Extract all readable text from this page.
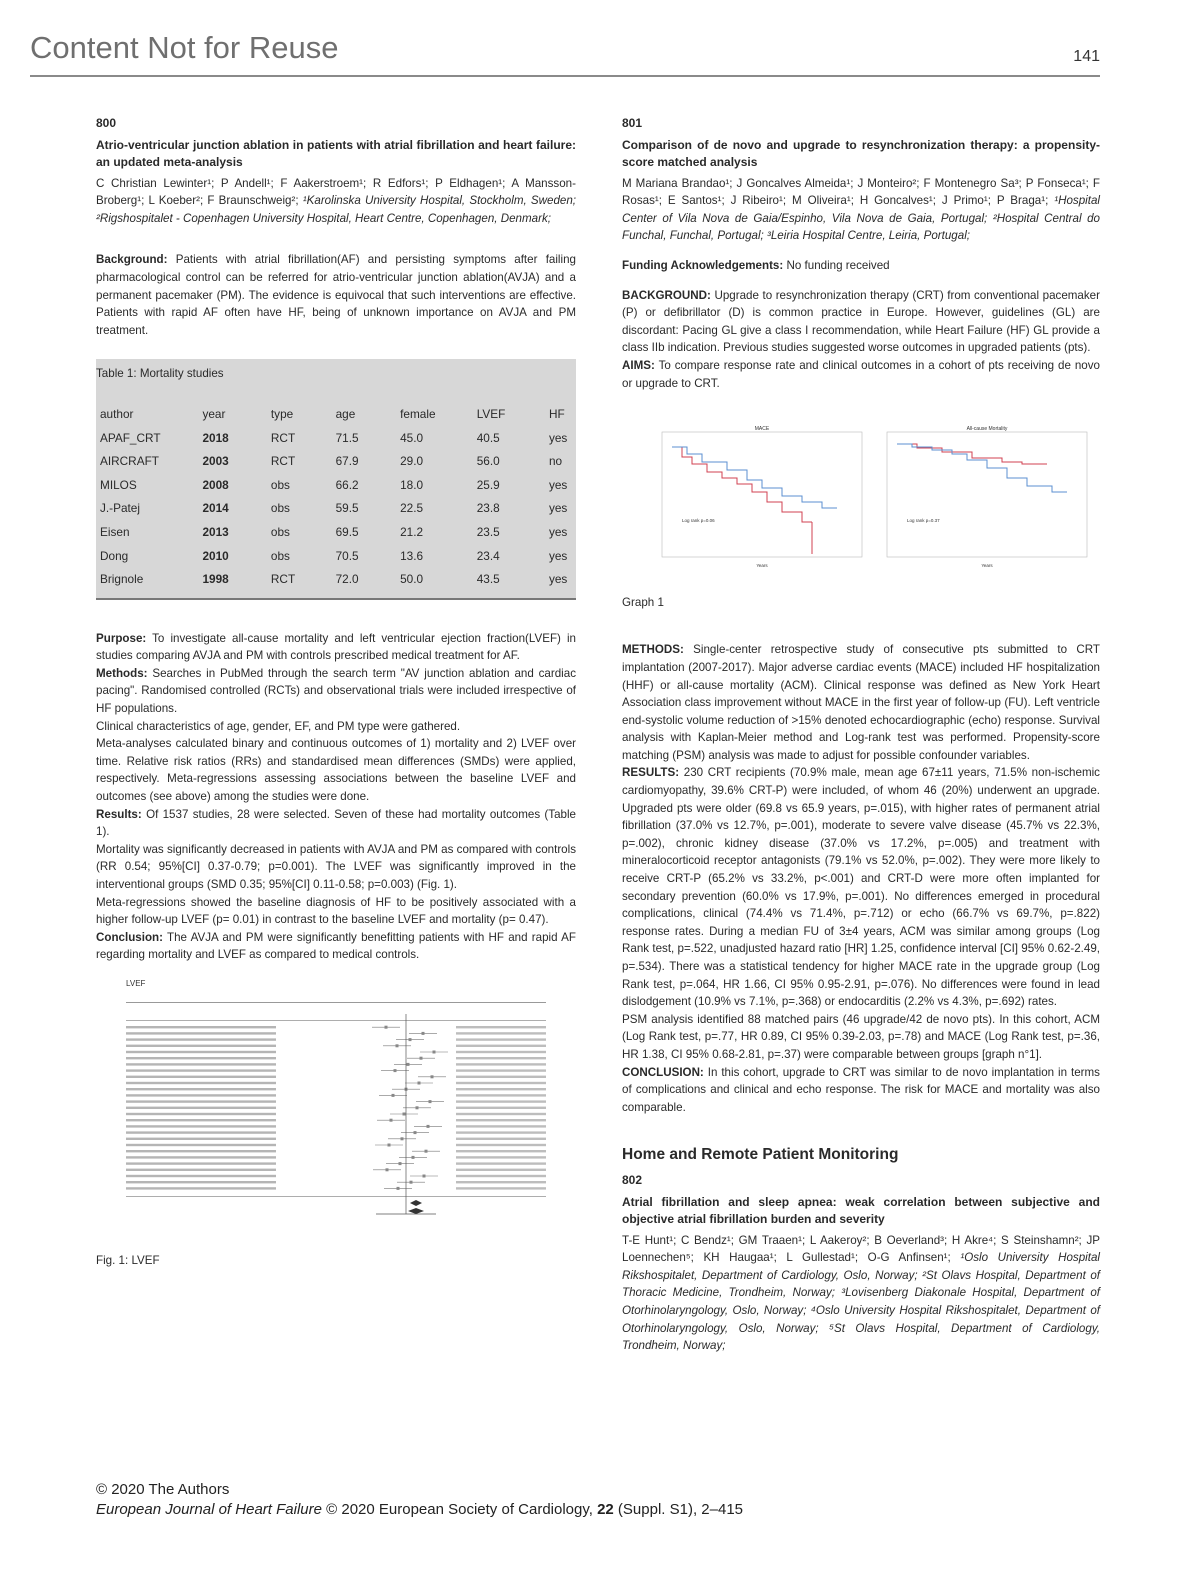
Content Not for Reuse	141
800
Atrio-ventricular junction ablation in patients with atrial fibrillation and heart failure: an updated meta-analysis
C Christian Lewinter¹; P Andell¹; F Aakerstroem¹; R Edfors¹; P Eldhagen¹; A Mansson-Broberg¹; L Koeber²; F Braunschweig²; ¹Karolinska University Hospital, Stockholm, Sweden; ²Rigshospitalet - Copenhagen University Hospital, Heart Centre, Copenhagen, Denmark;

Background: Patients with atrial fibrillation(AF) and persisting symptoms after failing pharmacological control can be referred for atrio-ventricular junction ablation(AVJA) and a permanent pacemaker (PM). The evidence is equivocal that such interventions are effective. Patients with rapid AF often have HF, being of unknown importance on AVJA and PM treatment.

Table 1: Mortality studies
author	year	type	age	female	LVEF	HF
APAF_CRT	2018	RCT	71.5	45.0	40.5	yes
AIRCRAFT	2003	RCT	67.9	29.0	56.0	no
MILOS	2008	obs	66.2	18.0	25.9	yes
J.-Patej	2014	obs	59.5	22.5	23.8	yes
Eisen	2013	obs	69.5	21.2	23.5	yes
Dong	2010	obs	70.5	13.6	23.4	yes
Brignole	1998	RCT	72.0	50.0	43.5	yes

Purpose: To investigate all-cause mortality and left ventricular ejection fraction(LVEF) in studies comparing AVJA and PM with controls prescribed medical treatment for AF.

Methods: Searches in PubMed through the search term "AV junction ablation and cardiac pacing". Randomised controlled (RCTs) and observational trials were included irrespective of HF populations.

Clinical characteristics of age, gender, EF, and PM type were gathered.

Meta-analyses calculated binary and continuous outcomes of 1) mortality and 2) LVEF over time. Relative risk ratios (RRs) and standardised mean differences (SMDs) were applied, respectively. Meta-regressions assessing associations between the baseline LVEF and outcomes (see above) among the studies were done.

Results: Of 1537 studies, 28 were selected. Seven of these had mortality outcomes (Table 1).

Mortality was significantly decreased in patients with AVJA and PM as compared with controls (RR 0.54; 95%[CI] 0.37-0.79; p=0.001). The LVEF was significantly improved in the interventional groups (SMD 0.35; 95%[CI] 0.11-0.58; p=0.003) (Fig. 1).

Meta-regressions showed the baseline diagnosis of HF to be positively associated with a higher follow-up LVEF (p= 0.01) in contrast to the baseline LVEF and mortality (p= 0.47).

Conclusion: The AVJA and PM were significantly benefitting patients with HF and rapid AF regarding mortality and LVEF as compared to medical controls.

LVEF
Fig. 1: LVEF
801
Comparison of de novo and upgrade to resynchronization therapy: a propensity-score matched analysis
M Mariana Brandao¹; J Goncalves Almeida¹; J Monteiro²; F Montenegro Sa³; P Fonseca¹; F Rosas¹; E Santos¹; J Ribeiro¹; M Oliveira¹; H Goncalves¹; J Primo¹; P Braga¹; ¹Hospital Center of Vila Nova de Gaia/Espinho, Vila Nova de Gaia, Portugal; ²Hospital Central do Funchal, Funchal, Portugal; ³Leiria Hospital Centre, Leiria, Portugal;

Funding Acknowledgements: No funding received

BACKGROUND: Upgrade to resynchronization therapy (CRT) from conventional pacemaker (P) or defibrillator (D) is common practice in Europe. However, guidelines (GL) are discordant: Pacing GL give a class I recommendation, while Heart Failure (HF) GL provide a class IIb indication. Previous studies suggested worse outcomes in upgraded patients (pts).

AIMS: To compare response rate and clinical outcomes in a cohort of pts receiving de novo or upgrade to CRT.

MACE
Log rank p=0.06
Years
All-cause Mortality
Log rank p=0.37
Years
Graph 1

METHODS: Single-center retrospective study of consecutive pts submitted to CRT implantation (2007-2017). Major adverse cardiac events (MACE) included HF hospitalization (HHF) or all-cause mortality (ACM). Clinical response was defined as New York Heart Association class improvement without MACE in the first year of follow-up (FU). Left ventricle end-systolic volume reduction of >15% denoted echocardiographic (echo) response. Survival analysis with Kaplan-Meier method and Log-rank test was performed. Propensity-score matching (PSM) analysis was made to adjust for possible confounder variables.

RESULTS: 230 CRT recipients (70.9% male, mean age 67±11 years, 71.5% non-ischemic cardiomyopathy, 39.6% CRT-P) were included, of whom 46 (20%) underwent an upgrade. Upgraded pts were older (69.8 vs 65.9 years, p=.015), with higher rates of permanent atrial fibrillation (37.0% vs 12.7%, p=.001), moderate to severe valve disease (45.7% vs 22.3%, p=.002), chronic kidney disease (37.0% vs 17.2%, p=.005) and treatment with mineralocorticoid receptor antagonists (79.1% vs 52.0%, p=.002). They were more likely to receive CRT-P (65.2% vs 33.2%, p<.001) and CRT-D were more often implanted for secondary prevention (60.0% vs 17.9%, p=.001). No differences emerged in procedural complications, clinical (74.4% vs 71.4%, p=.712) or echo (66.7% vs 69.7%, p=.822) response rates. During a median FU of 3±4 years, ACM was similar among groups (Log Rank test, p=.522, unadjusted hazard ratio [HR] 1.25, confidence interval [CI] 95% 0.62-2.49, p=.534). There was a statistical tendency for higher MACE rate in the upgrade group (Log Rank test, p=.064, HR 1.66, CI 95% 0.95-2.91, p=.076). No differences were found in lead dislodgement (10.9% vs 7.1%, p=.368) or endocarditis (2.2% vs 4.3%, p=.692) rates.

PSM analysis identified 88 matched pairs (46 upgrade/42 de novo pts). In this cohort, ACM (Log Rank test, p=.77, HR 0.89, CI 95% 0.39-2.03, p=.78) and MACE (Log Rank test, p=.36, HR 1.38, CI 95% 0.68-2.81, p=.37) were comparable between groups [graph n°1].

CONCLUSION: In this cohort, upgrade to CRT was similar to de novo implantation in terms of complications and clinical and echo response. The risk for MACE and mortality was also comparable.

Home and Remote Patient Monitoring
802
Atrial fibrillation and sleep apnea: weak correlation between subjective and objective atrial fibrillation burden and severity
T-E Hunt¹; C Bendz¹; GM Traaen¹; L Aakeroy²; B Oeverland³; H Akre⁴; S Steinshamn²; JP Loennechen⁵; KH Haugaa¹; L Gullestad¹; O-G Anfinsen¹; ¹Oslo University Hospital Rikshospitalet, Department of Cardiology, Oslo, Norway; ²St Olavs Hospital, Department of Thoracic Medicine, Trondheim, Norway; ³Lovisenberg Diakonale Hospital, Department of Otorhinolaryngology, Oslo, Norway; ⁴Oslo University Hospital Rikshospitalet, Department of Otorhinolaryngology, Oslo, Norway; ⁵St Olavs Hospital, Department of Cardiology, Trondheim, Norway;
© 2020 The Authors
European Journal of Heart Failure © 2020 European Society of Cardiology, 22 (Suppl. S1), 2–415
